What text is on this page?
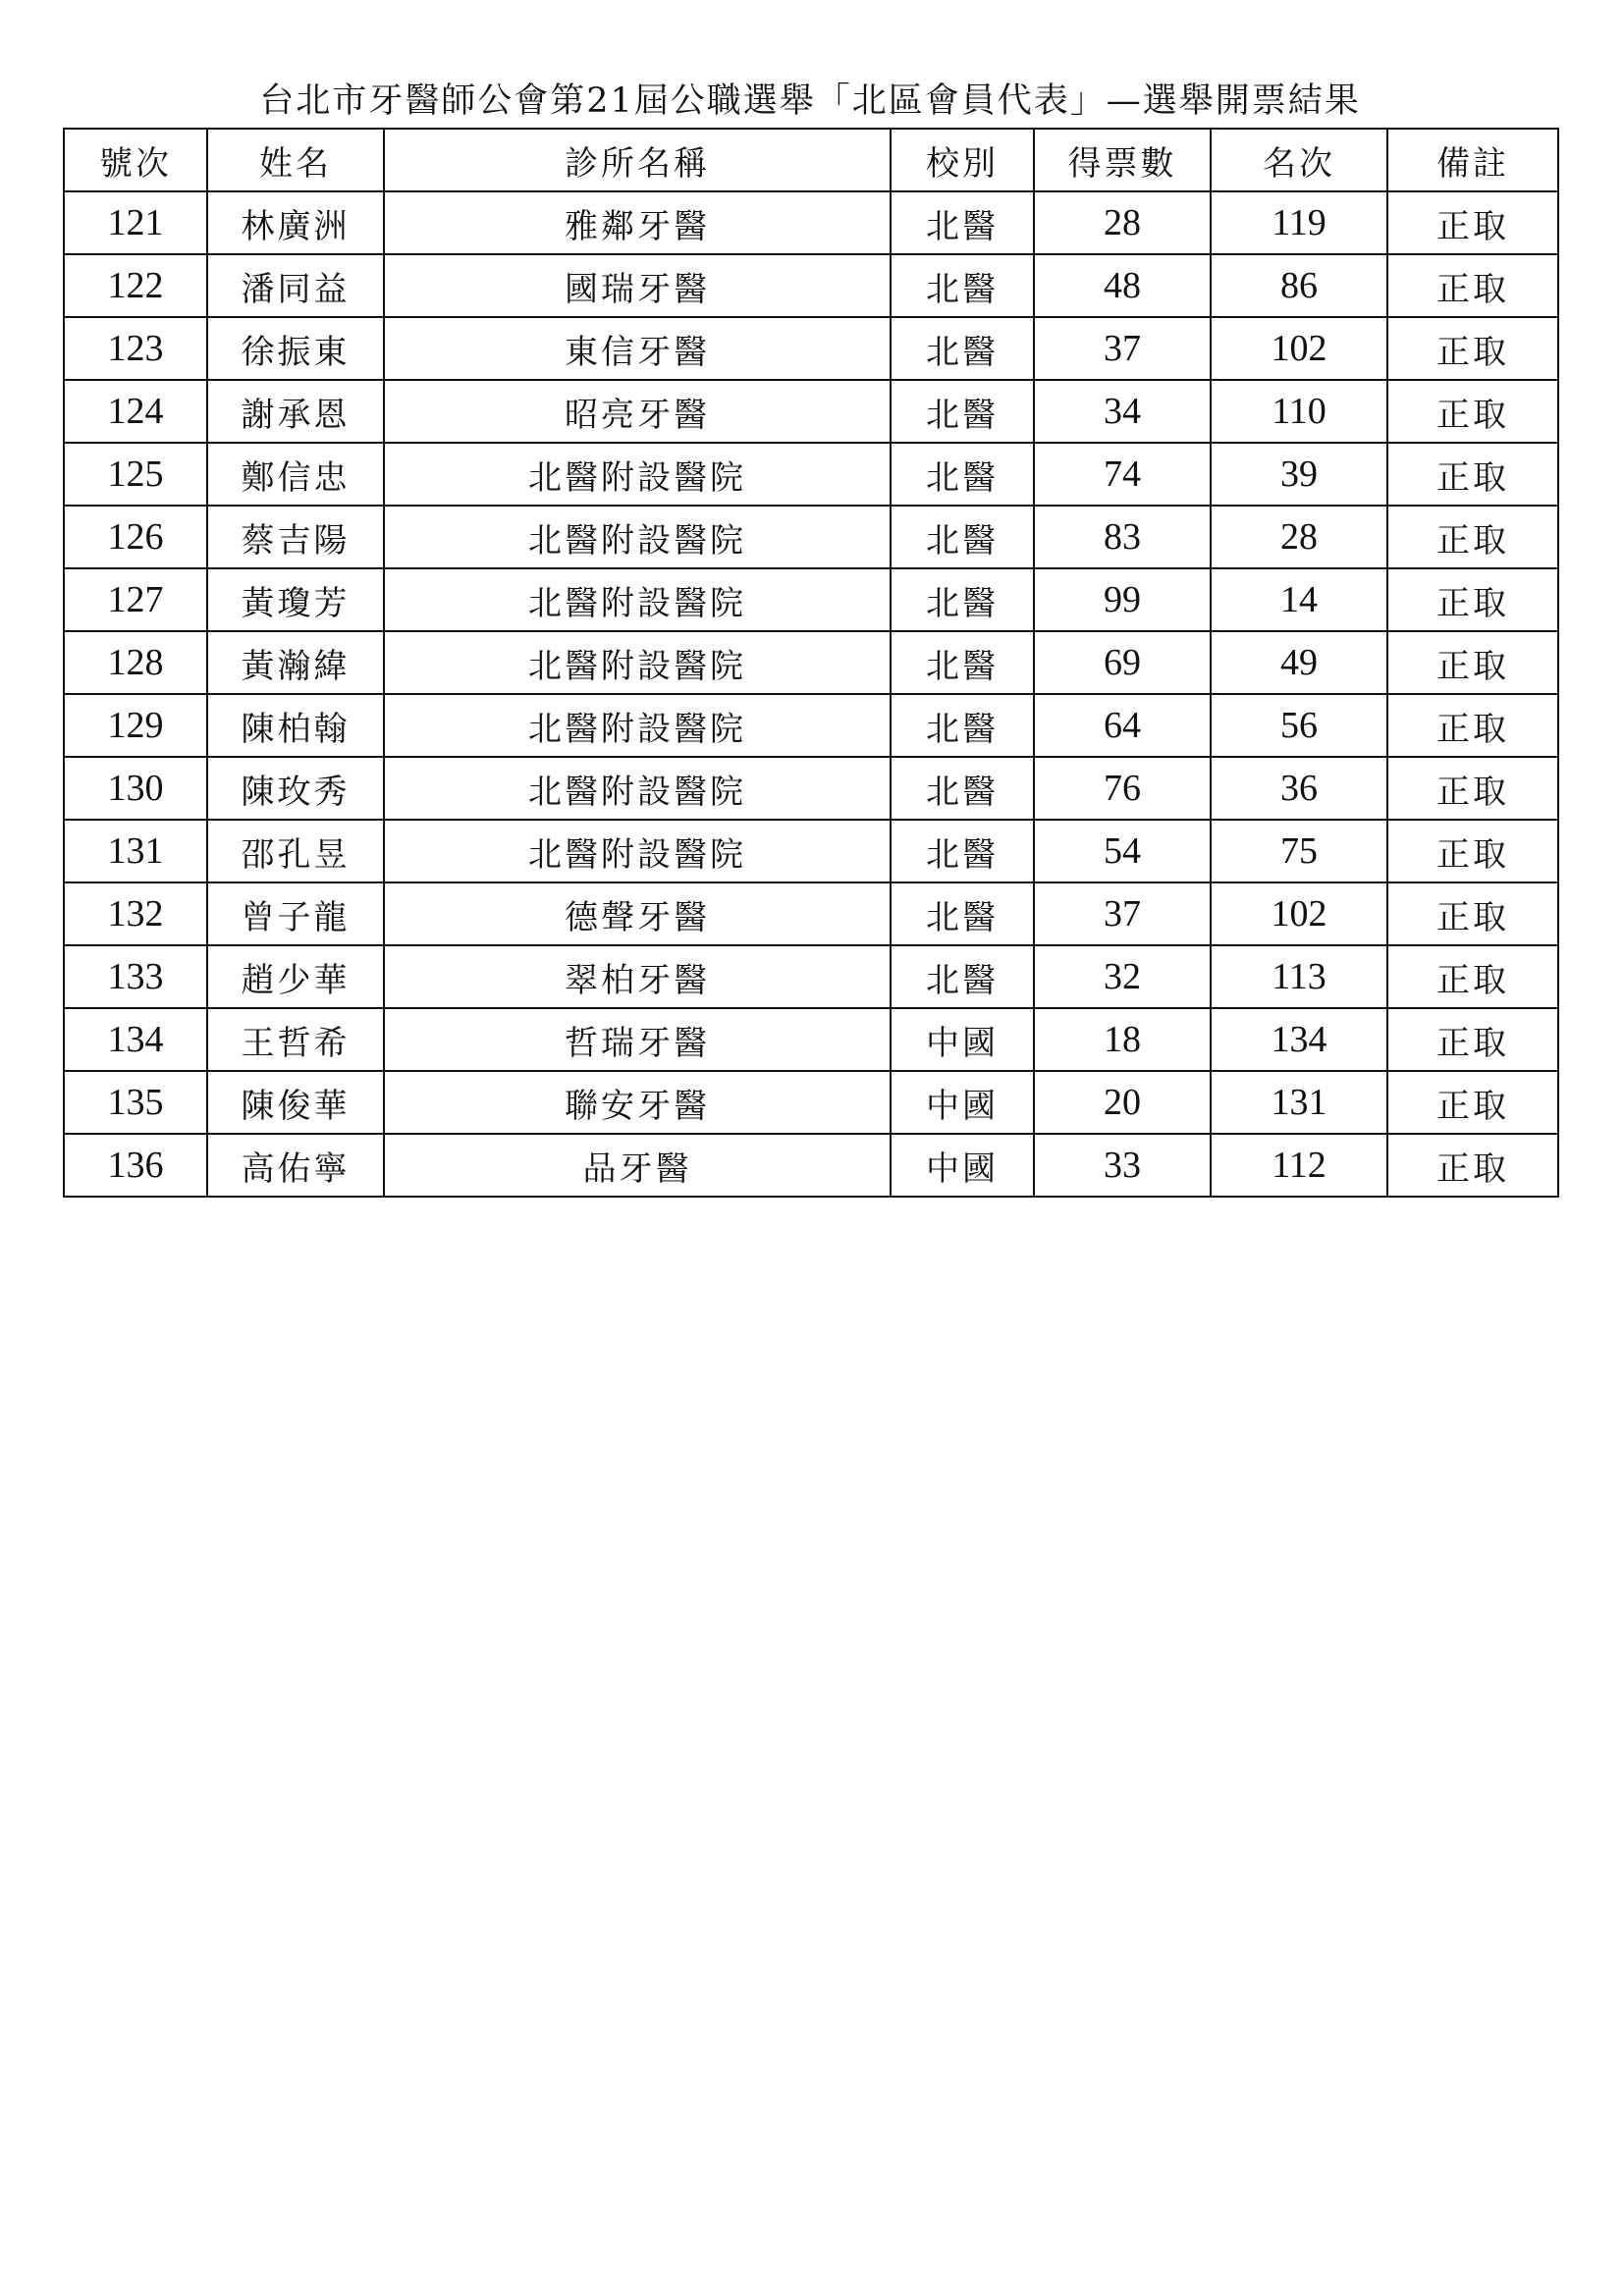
台北市牙醫師公會第21屆公職選舉「北區會員代表」—選舉開票結果
號次	姓名	診所名稱	校別	得票數	名次	備註
121	林廣洲	雅鄰牙醫	北醫	28	119	正取
122	潘同益	國瑞牙醫	北醫	48	86	正取
123	徐振東	東信牙醫	北醫	37	102	正取
124	謝承恩	昭亮牙醫	北醫	34	110	正取
125	鄭信忠	北醫附設醫院	北醫	74	39	正取
126	蔡吉陽	北醫附設醫院	北醫	83	28	正取
127	黃瓊芳	北醫附設醫院	北醫	99	14	正取
128	黃瀚緯	北醫附設醫院	北醫	69	49	正取
129	陳柏翰	北醫附設醫院	北醫	64	56	正取
130	陳玫秀	北醫附設醫院	北醫	76	36	正取
131	邵孔昱	北醫附設醫院	北醫	54	75	正取
132	曾子龍	德聲牙醫	北醫	37	102	正取
133	趙少華	翠柏牙醫	北醫	32	113	正取
134	王哲希	哲瑞牙醫	中國	18	134	正取
135	陳俊華	聯安牙醫	中國	20	131	正取
136	高佑寧	品牙醫	中國	33	112	正取
